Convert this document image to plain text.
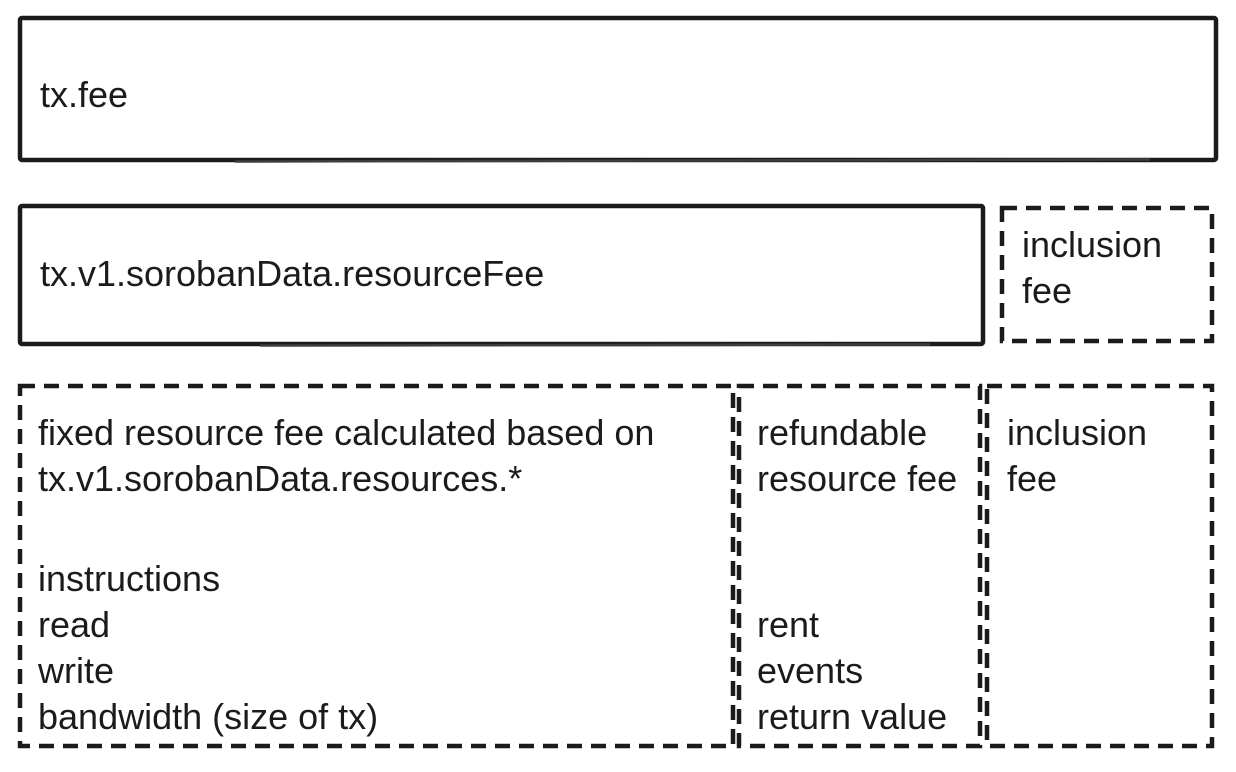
tx.fee
tx.v1.sorobanData.resourceFee
inclusion fee
fixed resource fee calculated based on tx.v1.sorobanData.resources.*
instructions
read
write
bandwidth (size of tx)
refundable resource fee
rent
events
return value
inclusion fee
